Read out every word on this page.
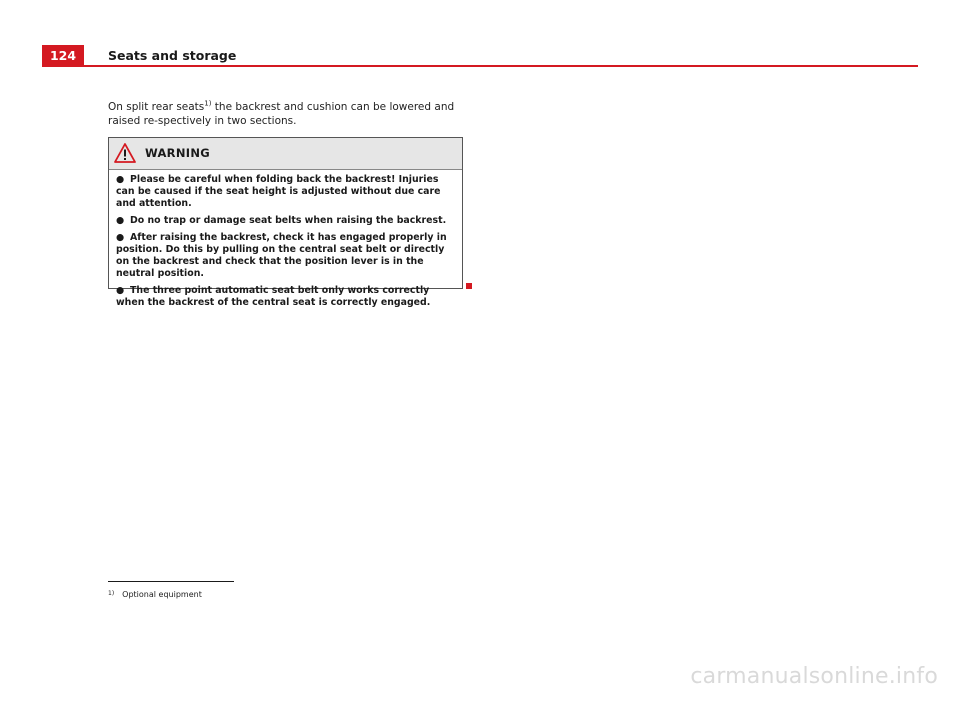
124	Seats and storage
On split rear seats$^{1)}$ the backrest and cushion can be lowered and raised re-spectively in two sections.
WARNING

● Please be careful when folding back the backrest! Injuries can be caused if the seat height is adjusted without due care and attention.

● Do no trap or damage seat belts when raising the backrest.

● After raising the backrest, check it has engaged properly in position. Do this by pulling on the central seat belt or directly on the backrest and check that the position lever is in the neutral position.

● The three point automatic seat belt only works correctly when the backrest of the central seat is correctly engaged.

$^{1)}$ Optional equipment
carmanualsonline.info
